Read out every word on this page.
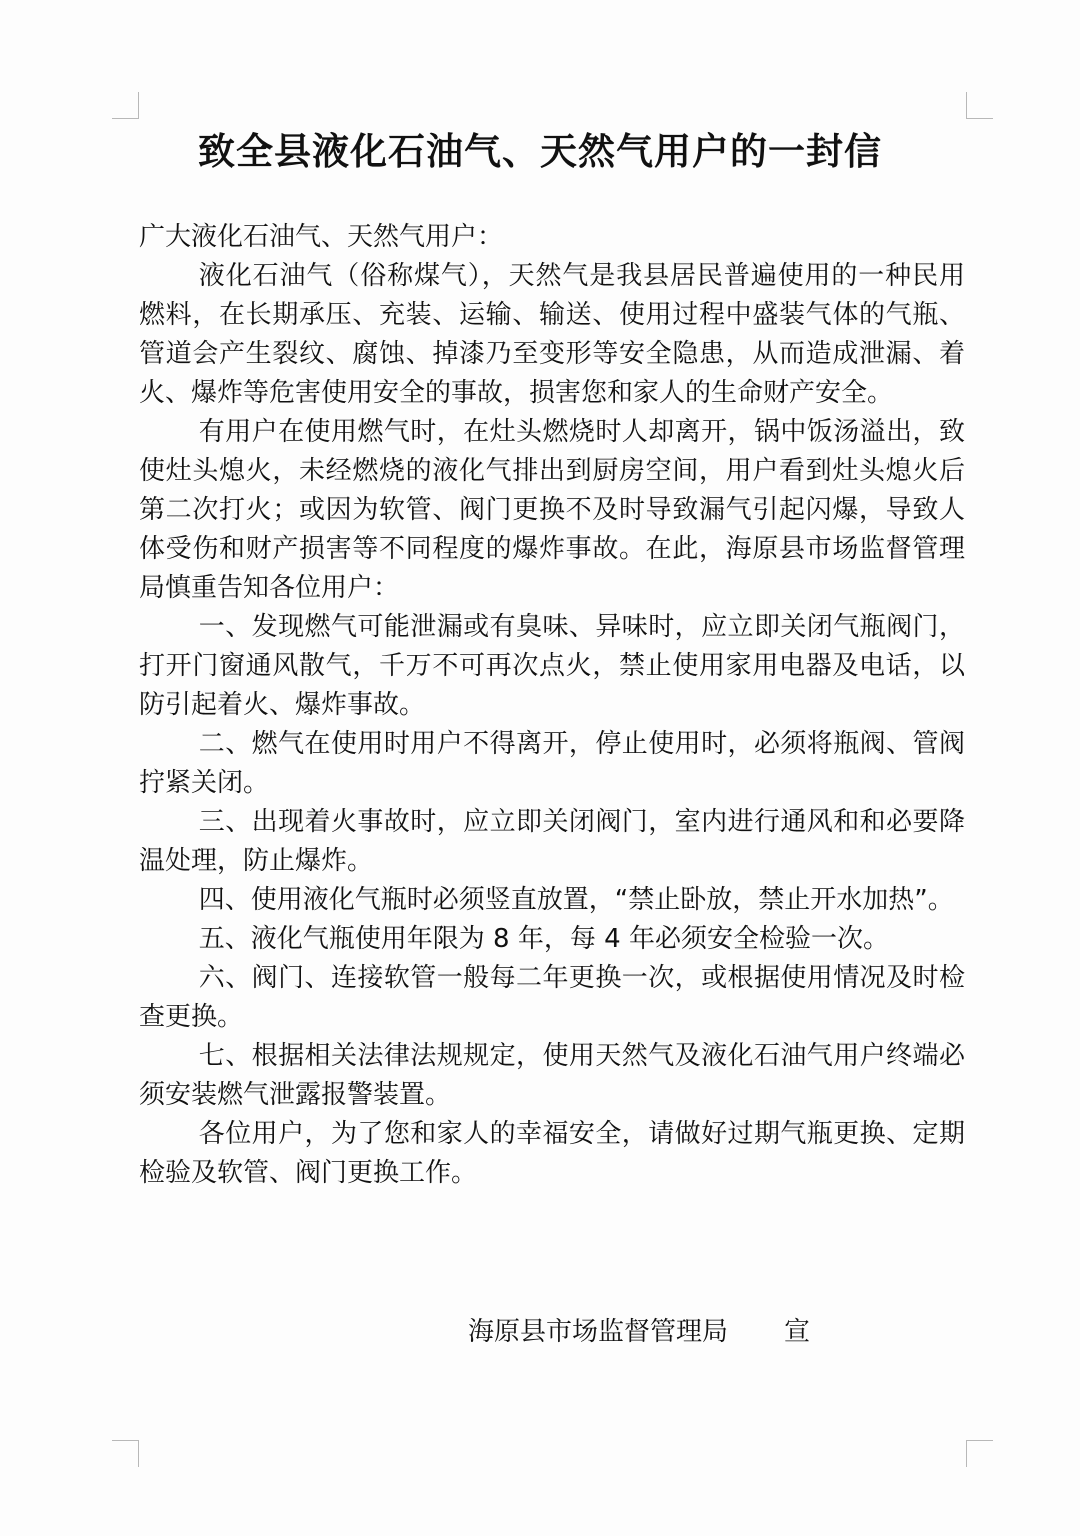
致全县液化石油气、天然气用户的一封信

广大液化石油气、天然气用户：

液化石油气（俗称煤气），天然气是我县居民普遍使用的一种民用燃料，在长期承压、充装、运输、输送、使用过程中盛装气体的气瓶、管道会产生裂纹、腐蚀、掉漆乃至变形等安全隐患，从而造成泄漏、着火、爆炸等危害使用安全的事故，损害您和家人的生命财产安全。

有用户在使用燃气时，在灶头燃烧时人却离开，锅中饭汤溢出，致使灶头熄火，未经燃烧的液化气排出到厨房空间，用户看到灶头熄火后第二次打火；或因为软管、阀门更换不及时导致漏气引起闪爆，导致人体受伤和财产损害等不同程度的爆炸事故。在此，海原县市场监督管理局慎重告知各位用户：

一、发现燃气可能泄漏或有臭味、异味时，应立即关闭气瓶阀门，打开门窗通风散气，千万不可再次点火，禁止使用家用电器及电话，以防引起着火、爆炸事故。

二、燃气在使用时用户不得离开，停止使用时，必须将瓶阀、管阀拧紧关闭。

三、出现着火事故时，应立即关闭阀门，室内进行通风和和必要降温处理，防止爆炸。

四、使用液化气瓶时必须竖直放置，“禁止卧放，禁止开水加热”。

五、液化气瓶使用年限为 8 年，每 4 年必须安全检验一次。

六、阀门、连接软管一般每二年更换一次，或根据使用情况及时检查更换。

七、根据相关法律法规规定，使用天然气及液化石油气用户终端必须安装燃气泄露报警装置。

各位用户，为了您和家人的幸福安全，请做好过期气瓶更换、定期检验及软管、阀门更换工作。

海原县市场监督管理局 宣
